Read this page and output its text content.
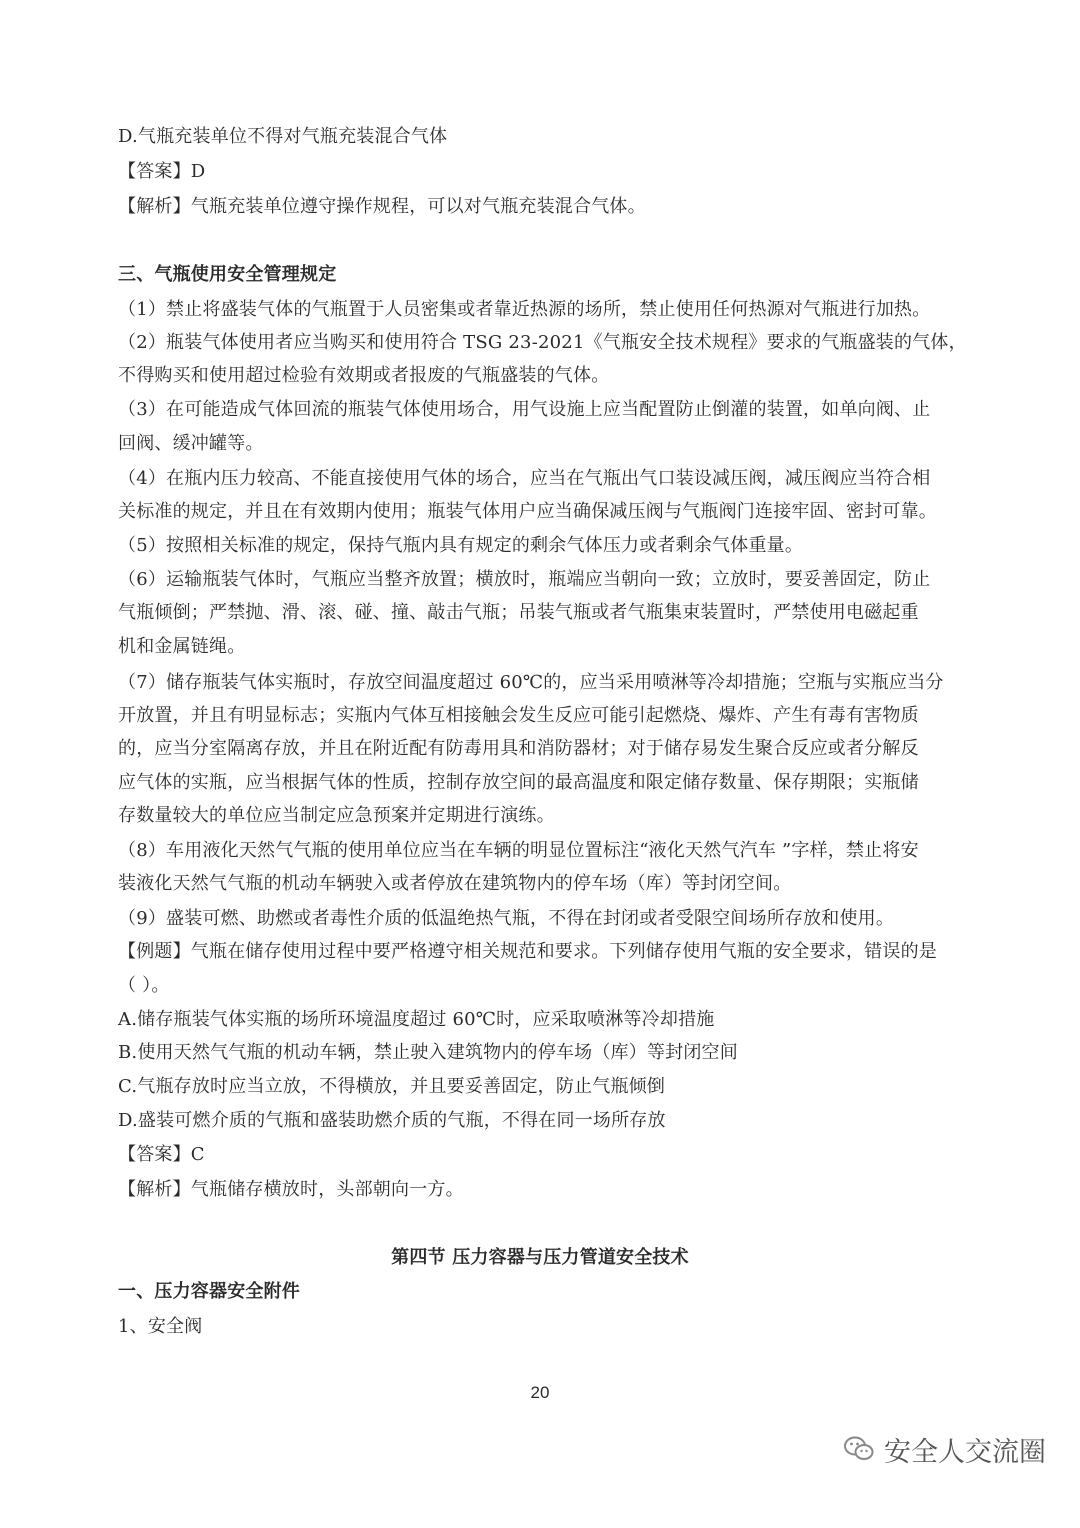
D.气瓶充装单位不得对气瓶充装混合气体
【答案】D
【解析】气瓶充装单位遵守操作规程，可以对气瓶充装混合气体。
三、气瓶使用安全管理规定
（1）禁止将盛装气体的气瓶置于人员密集或者靠近热源的场所，禁止使用任何热源对气瓶进行加热。
（2）瓶装气体使用者应当购买和使用符合 TSG 23-2021《气瓶安全技术规程》要求的气瓶盛装的气体，
不得购买和使用超过检验有效期或者报废的气瓶盛装的气体。
（3）在可能造成气体回流的瓶装气体使用场合，用气设施上应当配置防止倒灌的装置，如单向阀、止
回阀、缓冲罐等。
（4）在瓶内压力较高、不能直接使用气体的场合，应当在气瓶出气口装设减压阀，减压阀应当符合相
关标准的规定，并且在有效期内使用；瓶装气体用户应当确保减压阀与气瓶阀门连接牢固、密封可靠。
（5）按照相关标准的规定，保持气瓶内具有规定的剩余气体压力或者剩余气体重量。
（6）运输瓶装气体时，气瓶应当整齐放置；横放时，瓶端应当朝向一致；立放时，要妥善固定，防止
气瓶倾倒；严禁抛、滑、滚、碰、撞、敲击气瓶；吊装气瓶或者气瓶集束装置时，严禁使用电磁起重
机和金属链绳。
（7）储存瓶装气体实瓶时，存放空间温度超过 60℃的，应当采用喷淋等冷却措施；空瓶与实瓶应当分
开放置，并且有明显标志；实瓶内气体互相接触会发生反应可能引起燃烧、爆炸、产生有毒有害物质
的，应当分室隔离存放，并且在附近配有防毒用具和消防器材；对于储存易发生聚合反应或者分解反
应气体的实瓶，应当根据气体的性质，控制存放空间的最高温度和限定储存数量、保存期限；实瓶储
存数量较大的单位应当制定应急预案并定期进行演练。
（8）车用液化天然气气瓶的使用单位应当在车辆的明显位置标注“液化天然气汽车 ”字样，禁止将安
装液化天然气气瓶的机动车辆驶入或者停放在建筑物内的停车场（库）等封闭空间。
（9）盛装可燃、助燃或者毒性介质的低温绝热气瓶，不得在封闭或者受限空间场所存放和使用。
【例题】气瓶在储存使用过程中要严格遵守相关规范和要求。下列储存使用气瓶的安全要求，错误的是
（ ）。
A.储存瓶装气体实瓶的场所环境温度超过 60℃时，应采取喷淋等冷却措施
B.使用天然气气瓶的机动车辆，禁止驶入建筑物内的停车场（库）等封闭空间
C.气瓶存放时应当立放，不得横放，并且要妥善固定，防止气瓶倾倒
D.盛装可燃介质的气瓶和盛装助燃介质的气瓶，不得在同一场所存放
【答案】C
【解析】气瓶储存横放时，头部朝向一方。
第四节 压力容器与压力管道安全技术
一、压力容器安全附件
1、安全阀
20
安全人交流圈
